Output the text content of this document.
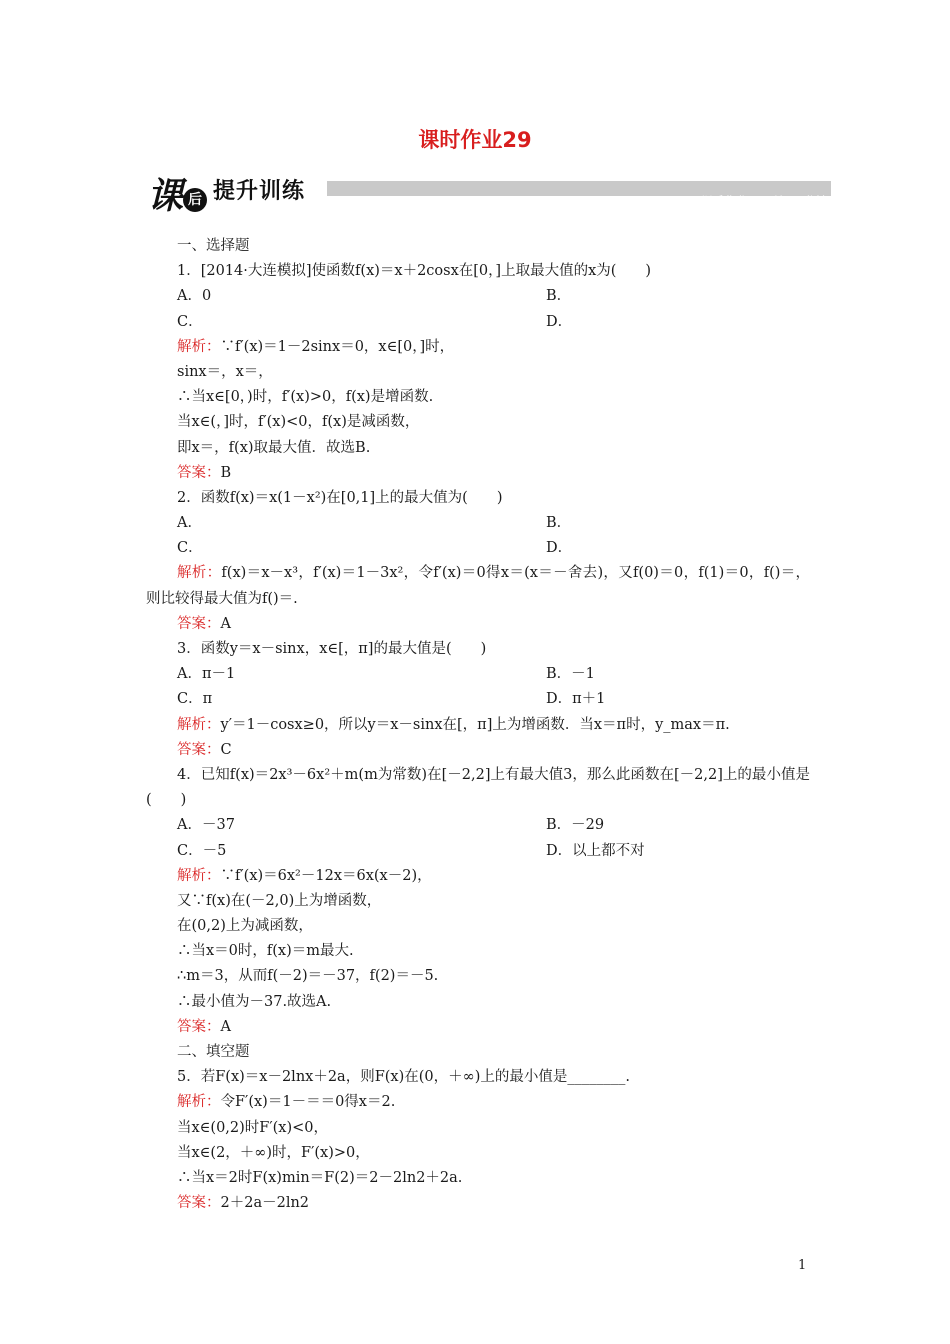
课时作业29
课 后 提升训练	课后作业·日日清|35分钟
一、选择题
1．[2014·大连模拟]使函数f(x)＝x＋2cosx在[0，]上取最大值的x为(　　)
A．0	B．
C．	D．
解析：∵f′(x)＝1－2sinx＝0，x∈[0，]时，
sinx＝，x＝，
∴当x∈[0，)时，f′(x)>0，f(x)是增函数.
当x∈(，]时，f′(x)<0，f(x)是减函数，
即x＝，f(x)取最大值．故选B.
答案：B
2．函数f(x)＝x(1－x²)在[0,1]上的最大值为(　　)
A．	B．
C．	D．
解析：f(x)＝x－x³，f′(x)＝1－3x²，令f′(x)＝0得x＝(x＝－舍去)，又f(0)＝0，f(1)＝0，f()＝，则比较得最大值为f()＝.
答案：A
3．函数y＝x－sinx，x∈[，π]的最大值是(　　)
A．π－1	B．－1
C．π	D．π＋1
解析：y′＝1－cosx≥0，所以y＝x－sinx在[，π]上为增函数．当x＝π时，y_max＝π.
答案：C
4．已知f(x)＝2x³－6x²＋m(m为常数)在[－2,2]上有最大值3，那么此函数在[－2,2]上的最小值是(　　)
A．－37	B．－29
C．－5	D．以上都不对
解析：∵f′(x)＝6x²－12x＝6x(x－2)，
又∵f(x)在(－2,0)上为增函数，
在(0,2)上为减函数，
∴当x＝0时，f(x)＝m最大.
∴m＝3，从而f(－2)＝－37，f(2)＝－5.
∴最小值为－37.故选A.
答案：A
二、填空题
5．若F(x)＝x－2lnx＋2a，则F(x)在(0，＋∞)上的最小值是________.
解析：令F′(x)＝1－＝＝0得x＝2.
当x∈(0,2)时F′(x)<0，
当x∈(2，＋∞)时，F′(x)>0，
∴当x＝2时F(x)min＝F(2)＝2－2ln2＋2a.
答案：2＋2a－2ln2
1
